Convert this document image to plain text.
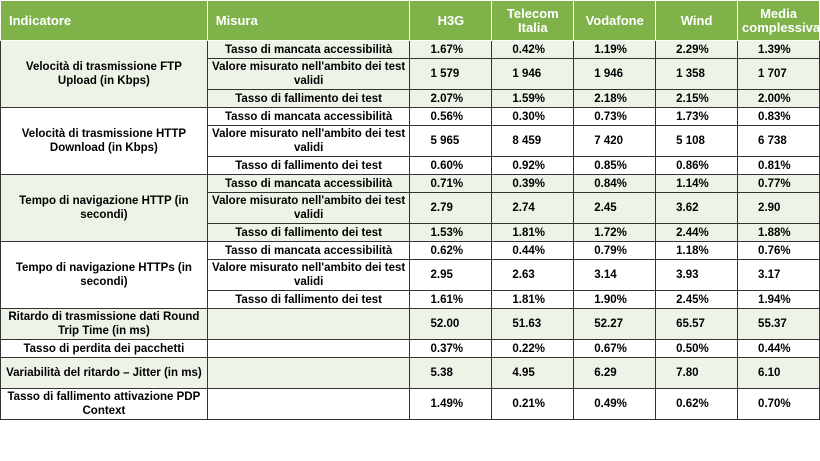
Indicatore	Misura	H3G	Telecom Italia	Vodafone	Wind	Media complessiva
Velocità di trasmissione FTP Upload (in Kbps)	Tasso di mancata accessibilità	1.67%	0.42%	1.19%	2.29%	1.39%
	Valore misurato nell'ambito dei test validi	1 579	1 946	1 946	1 358	1 707
	Tasso di fallimento dei test	2.07%	1.59%	2.18%	2.15%	2.00%
Velocità di trasmissione HTTP Download (in Kbps)	Tasso di mancata accessibilità	0.56%	0.30%	0.73%	1.73%	0.83%
	Valore misurato nell'ambito dei test validi	5 965	8 459	7 420	5 108	6 738
	Tasso di fallimento dei test	0.60%	0.92%	0.85%	0.86%	0.81%
Tempo di navigazione HTTP (in secondi)	Tasso di mancata accessibilità	0.71%	0.39%	0.84%	1.14%	0.77%
	Valore misurato nell'ambito dei test validi	2.79	2.74	2.45	3.62	2.90
	Tasso di fallimento dei test	1.53%	1.81%	1.72%	2.44%	1.88%
Tempo di navigazione HTTPs (in secondi)	Tasso di mancata accessibilità	0.62%	0.44%	0.79%	1.18%	0.76%
	Valore misurato nell'ambito dei test validi	2.95	2.63	3.14	3.93	3.17
	Tasso di fallimento dei test	1.61%	1.81%	1.90%	2.45%	1.94%
Ritardo di trasmissione dati Round Trip Time (in ms)		52.00	51.63	52.27	65.57	55.37
Tasso di perdita dei pacchetti		0.37%	0.22%	0.67%	0.50%	0.44%
Variabilità del ritardo – Jitter (in ms)		5.38	4.95	6.29	7.80	6.10
Tasso di fallimento attivazione PDP Context		1.49%	0.21%	0.49%	0.62%	0.70%
